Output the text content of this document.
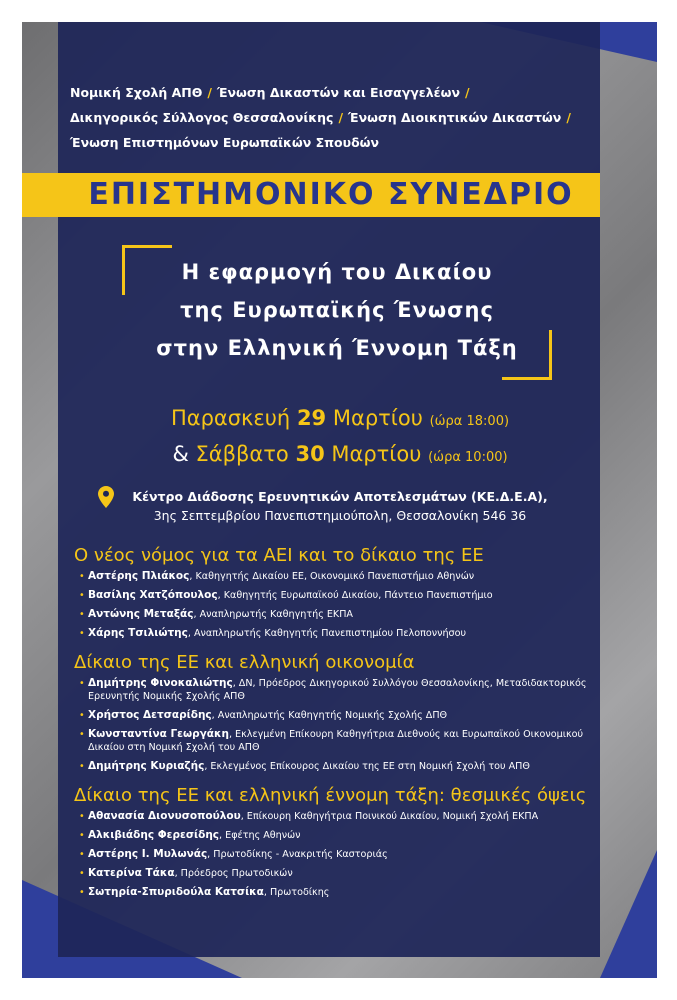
Νομική Σχολή ΑΠΘ / Ένωση Δικαστών και Εισαγγελέων /
Δικηγορικός Σύλλογος Θεσσαλονίκης / Ένωση Διοικητικών Δικαστών /
Ένωση Επιστημόνων Ευρωπαϊκών Σπουδών
ΕΠΙΣΤΗΜΟΝΙΚΟ ΣΥΝΕΔΡΙΟ
Η εφαρμογή του Δικαίου
της Ευρωπαϊκής Ένωσης
στην Ελληνική Έννομη Τάξη
Παρασκευή 29 Μαρτίου (ώρα 18:00)
& Σάββατο 30 Μαρτίου (ώρα 10:00)
Κέντρο Διάδοσης Ερευνητικών Αποτελεσμάτων (ΚΕ.Δ.Ε.Α),
3ης Σεπτεμβρίου Πανεπιστημιούπολη, Θεσσαλονίκη 546 36
Ο νέος νόμος για τα ΑΕΙ και το δίκαιο της ΕΕ
• Αστέρης Πλιάκος, Καθηγητής Δικαίου ΕΕ, Οικονομικό Πανεπιστήμιο Αθηνών
• Βασίλης Χατζόπουλος, Καθηγητής Ευρωπαϊκού Δικαίου, Πάντειο Πανεπιστήμιο
• Αντώνης Μεταξάς, Αναπληρωτής Καθηγητής ΕΚΠΑ
• Χάρης Τσιλιώτης, Αναπληρωτής Καθηγητής Πανεπιστημίου Πελοποννήσου
Δίκαιο της ΕΕ και ελληνική οικονομία
• Δημήτρης Φινοκαλιώτης, ΔΝ, Πρόεδρος Δικηγορικού Συλλόγου Θεσσαλονίκης, Μεταδιδακτορικός Ερευνητής Νομικής Σχολής ΑΠΘ
• Χρήστος Δετσαρίδης, Αναπληρωτής Καθηγητής Νομικής Σχολής ΔΠΘ
• Κωνσταντίνα Γεωργάκη, Εκλεγμένη Επίκουρη Καθηγήτρια Διεθνούς και Ευρωπαϊκού Οικονομικού Δικαίου στη Νομική Σχολή του ΑΠΘ
• Δημήτρης Κυριαζής, Εκλεγμένος Επίκουρος Δικαίου της ΕΕ στη Νομική Σχολή του ΑΠΘ
Δίκαιο της ΕΕ και ελληνική έννομη τάξη: θεσμικές όψεις
• Αθανασία Διονυσοπούλου, Επίκουρη Καθηγήτρια Ποινικού Δικαίου, Νομική Σχολή ΕΚΠΑ
• Αλκιβιάδης Φερεσίδης, Εφέτης Αθηνών
• Αστέρης Ι. Μυλωνάς, Πρωτοδίκης - Ανακριτής Καστοριάς
• Κατερίνα Τάκα, Πρόεδρος Πρωτοδικών
• Σωτηρία-Σπυριδούλα Κατσίκα, Πρωτοδίκης
